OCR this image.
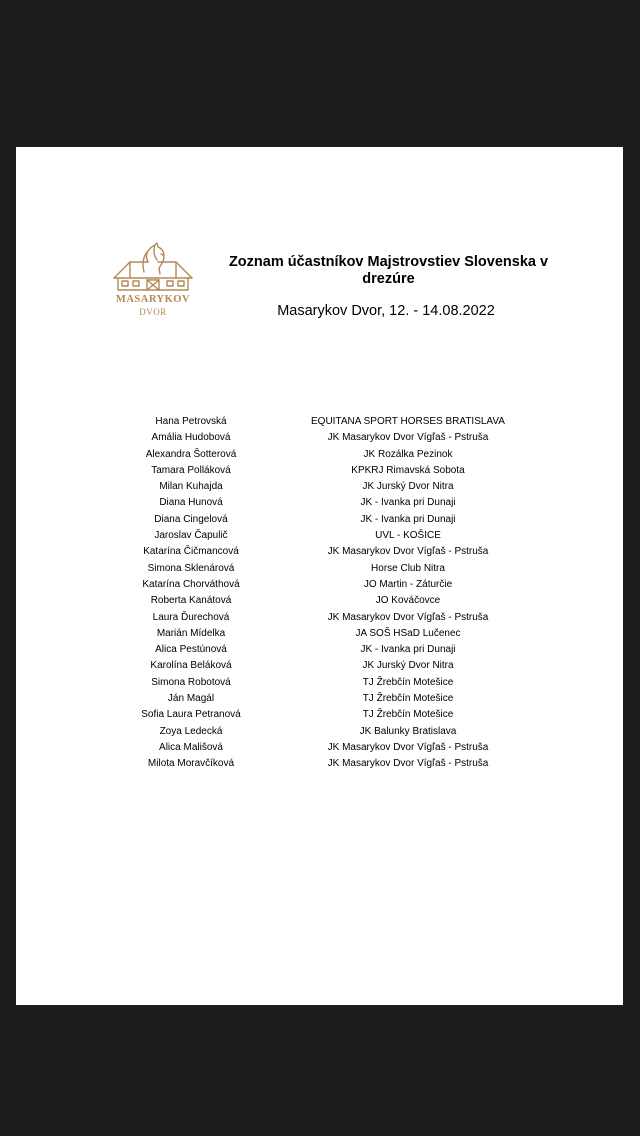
MASARYKOV
DVOR
Zoznam účastníkov Majstrovstiev Slovenska v drezúre
Masarykov Dvor, 12. - 14.08.2022
Hana Petrovská	EQUITANA SPORT HORSES BRATISLAVA
Amália Hudobová	JK Masarykov Dvor Vígľaš - Pstruša
Alexandra Šotterová	JK Rozálka Pezinok
Tamara Polláková	KPKRJ Rimavská Sobota
Milan Kuhajda	JK Jurský Dvor Nitra
Diana Hunová	JK - Ivanka pri Dunaji
Diana Cingelová	JK - Ivanka pri Dunaji
Jaroslav Čapulič	UVL - KOŠICE
Katarína Čičmancová	JK Masarykov Dvor Vígľaš - Pstruša
Simona Sklenárová	Horse Club Nitra
Katarína Chorváthová	JO Martin - Záturčie
Roberta Kanátová	JO Kováčovce
Laura Ďurechová	JK Masarykov Dvor Vígľaš - Pstruša
Marián Mídelka	JA SOŠ HSaD Lučenec
Alica Pestúnová	JK - Ivanka pri Dunaji
Karolína Beláková	JK Jurský Dvor Nitra
Simona Robotová	TJ Žrebčín Motešice
Ján Magál	TJ Žrebčín Motešice
Sofia Laura Petranová	TJ Žrebčín Motešice
Zoya Ledecká	JK Balunky Bratislava
Alica Mališová	JK Masarykov Dvor Vígľaš - Pstruša
Milota Moravčíková	JK Masarykov Dvor Vígľaš - Pstruša
